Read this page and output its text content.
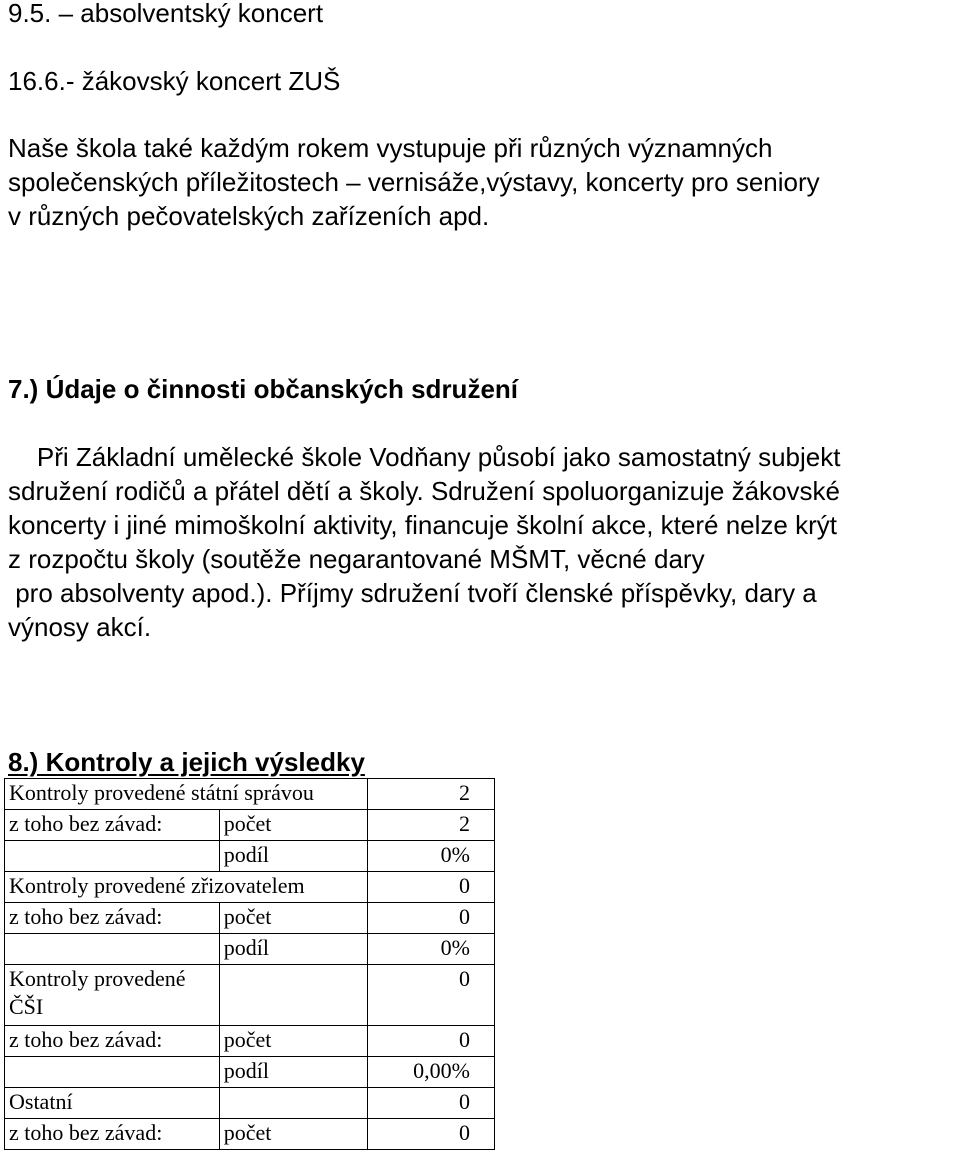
9.5. – absolventský koncert
16.6.- žákovský koncert ZUŠ
Naše škola také každým rokem vystupuje při různých významných
společenských příležitostech – vernisáže,výstavy, koncerty pro seniory
v různých pečovatelských zařízeních apd.
7.) Údaje o činnosti občanských sdružení
Při Základní umělecké škole Vodňany působí jako samostatný subjekt
sdružení rodičů a přátel dětí a školy. Sdružení spoluorganizuje žákovské
koncerty i jiné mimoškolní aktivity, financuje školní akce, které nelze krýt
z rozpočtu školy (soutěže negarantované MŠMT, věcné dary
pro absolventy apod.). Příjmy sdružení tvoří členské příspěvky, dary a
výnosy akcí.
8.) Kontroly a jejich výsledky
Kontroly provedené státní správou		2
z toho bez závad:	počet	2
	podíl	0%
Kontroly provedené zřizovatelem		0
z toho bez závad:	počet	0
	podíl	0%
Kontroly provedené ČŠI		0
z toho bez závad:	počet	0
	podíl	0,00%
Ostatní		0
z toho bez závad:	počet	0
